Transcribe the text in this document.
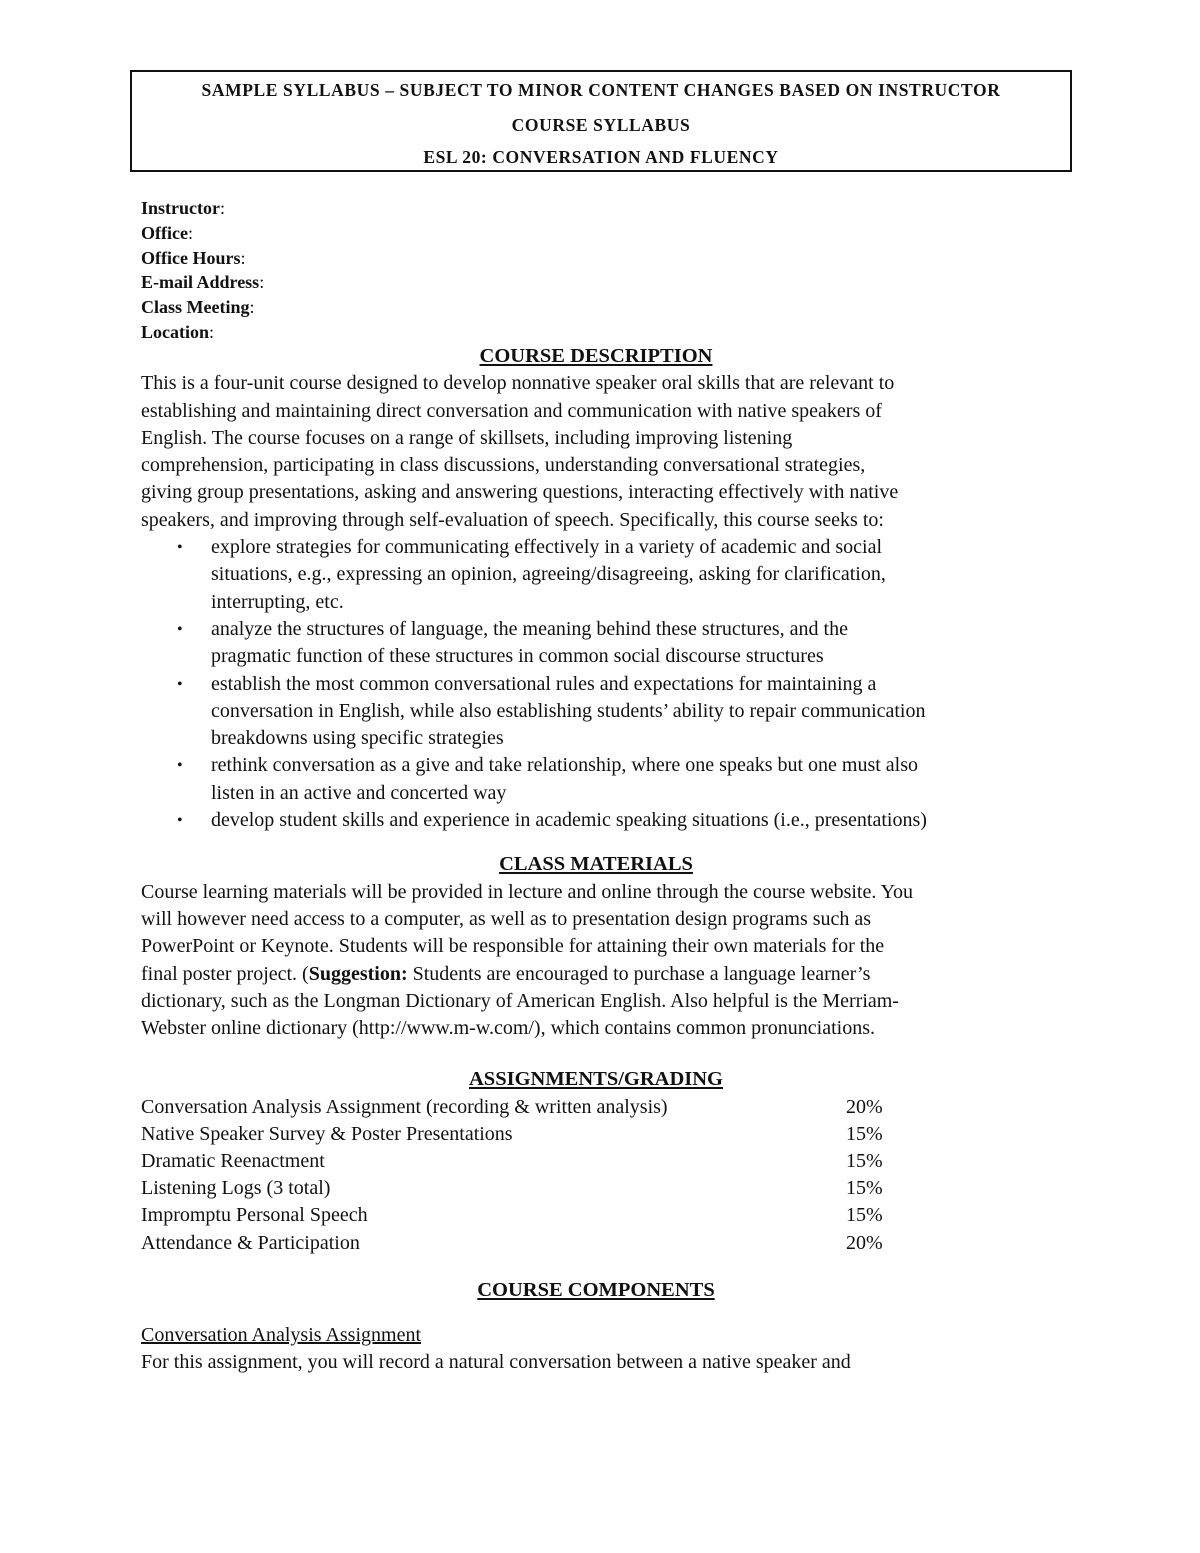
SAMPLE SYLLABUS – SUBJECT TO MINOR CONTENT CHANGES BASED ON INSTRUCTOR
COURSE SYLLABUS
ESL 20: CONVERSATION AND FLUENCY
Instructor:
Office:
Office Hours:
E-mail Address:
Class Meeting:
Location:
COURSE DESCRIPTION

This is a four-unit course designed to develop nonnative speaker oral skills that are relevant to
establishing and maintaining direct conversation and communication with native speakers of
English. The course focuses on a range of skillsets, including improving listening
comprehension, participating in class discussions, understanding conversational strategies,
giving group presentations, asking and answering questions, interacting effectively with native
speakers, and improving through self-evaluation of speech. Specifically, this course seeks to:

• explore strategies for communicating effectively in a variety of academic and social
situations, e.g., expressing an opinion, agreeing/disagreeing, asking for clarification,
interrupting, etc.
• analyze the structures of language, the meaning behind these structures, and the
pragmatic function of these structures in common social discourse structures
• establish the most common conversational rules and expectations for maintaining a
conversation in English, while also establishing students’ ability to repair communication
breakdowns using specific strategies
• rethink conversation as a give and take relationship, where one speaks but one must also
listen in an active and concerted way
• develop student skills and experience in academic speaking situations (i.e., presentations)
CLASS MATERIALS

Course learning materials will be provided in lecture and online through the course website. You
will however need access to a computer, as well as to presentation design programs such as
PowerPoint or Keynote. Students will be responsible for attaining their own materials for the
final poster project. (Suggestion: Students are encouraged to purchase a language learner’s
dictionary, such as the Longman Dictionary of American English. Also helpful is the Merriam-
Webster online dictionary (http://www.m-w.com/), which contains common pronunciations.

ASSIGNMENTS/GRADING
Conversation Analysis Assignment (recording & written analysis)	20%
Native Speaker Survey & Poster Presentations	15%
Dramatic Reenactment	15%
Listening Logs (3 total)	15%
Impromptu Personal Speech	15%
Attendance & Participation	20%
COURSE COMPONENTS
Conversation Analysis Assignment

For this assignment, you will record a natural conversation between a native speaker and
